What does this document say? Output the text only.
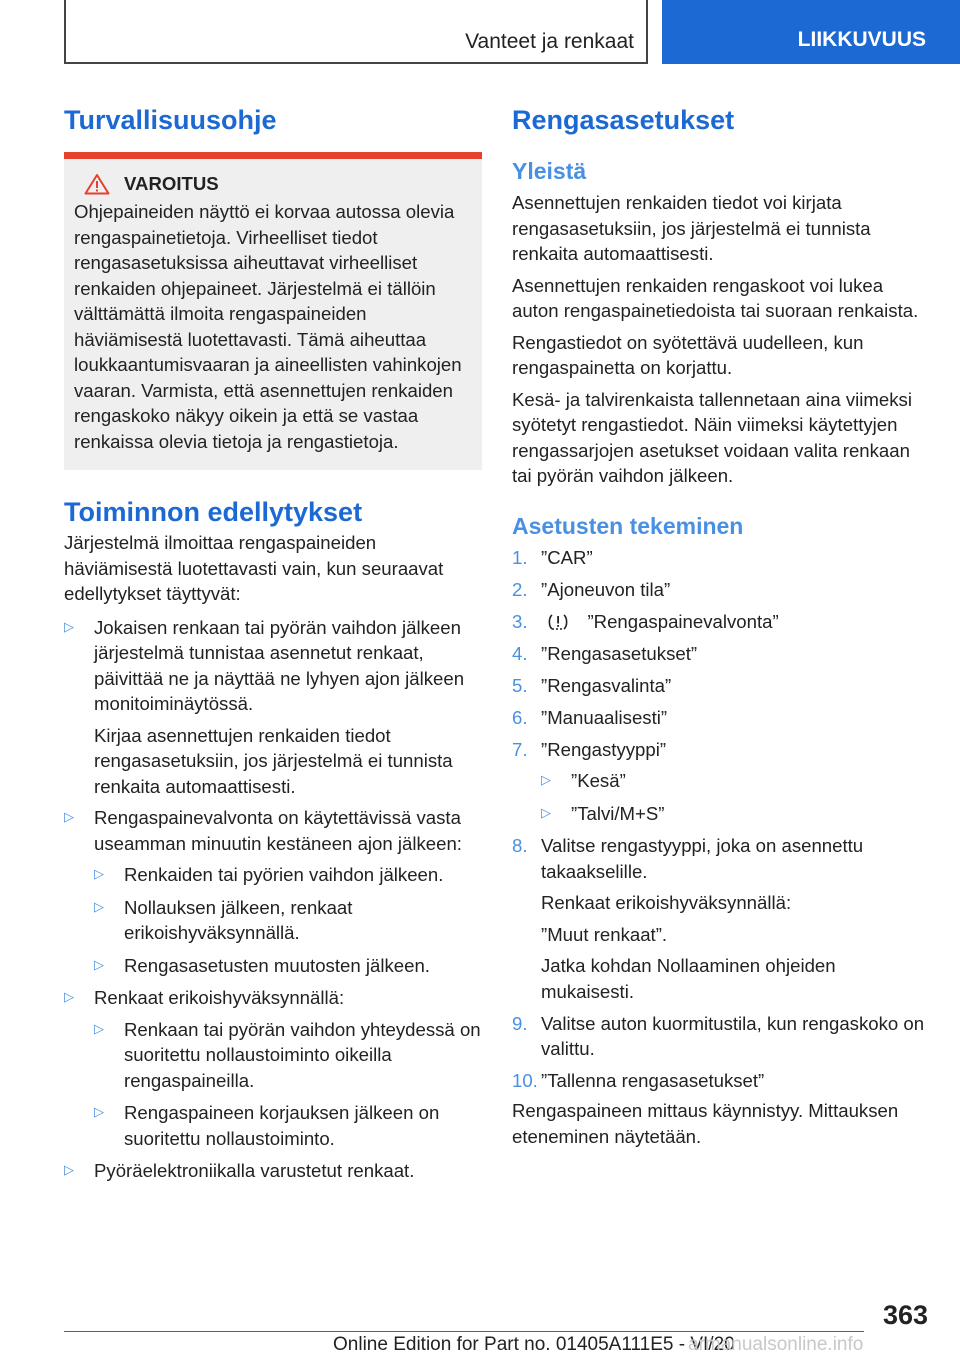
Vanteet ja renkaat	LIIKKUVUUS
Turvallisuusohje
VAROITUS
Ohjepaineiden näyttö ei korvaa autossa olevia rengaspainetietoja. Virheelliset tiedot rengasasetuksissa aiheuttavat virheelliset renkaiden ohjepaineet. Järjestelmä ei tällöin välttämättä ilmoita rengaspaineiden häviämisestä luotettavasti. Tämä aiheuttaa loukkaantumisvaaran ja aineellisten vahinkojen vaaran. Varmista, että asennettujen renkaiden rengaskoko näkyy oikein ja että se vastaa renkaissa olevia tietoja ja rengastietoja.
Toiminnon edellytykset

Järjestelmä ilmoittaa rengaspaineiden häviämisestä luotettavasti vain, kun seuraavat edellytykset täyttyvät:

▷ Jokaisen renkaan tai pyörän vaihdon jälkeen järjestelmä tunnistaa asennetut renkaat, päivittää ne ja näyttää ne lyhyen ajon jälkeen monitoiminäytössä.
Kirjaa asennettujen renkaiden tiedot rengasasetuksiin, jos järjestelmä ei tunnista renkaita automaattisesti.
▷ Rengaspainevalvonta on käytettävissä vasta useamman minuutin kestäneen ajon jälkeen:
▷ Renkaiden tai pyörien vaihdon jälkeen.
▷ Nollauksen jälkeen, renkaat erikoishyväksynnällä.
▷ Rengasasetusten muutosten jälkeen.
▷ Renkaat erikoishyväksynnällä:
▷ Renkaan tai pyörän vaihdon yhteydessä on suoritettu nollaustoiminto oikeilla rengaspaineilla.
▷ Rengaspaineen korjauksen jälkeen on suoritettu nollaustoiminto.
▷ Pyöräelektroniikalla varustetut renkaat.
Rengasasetukset
Yleistä

Asennettujen renkaiden tiedot voi kirjata rengasasetuksiin, jos järjestelmä ei tunnista renkaita automaattisesti.

Asennettujen renkaiden rengaskoot voi lukea auton rengaspainetiedoista tai suoraan renkaista.

Rengastiedot on syötettävä uudelleen, kun rengaspainetta on korjattu.

Kesä- ja talvirenkaista tallennetaan aina viimeksi syötetyt rengastiedot. Näin viimeksi käytettyjen rengassarjojen asetukset voidaan valita renkaan tai pyörän vaihdon jälkeen.

Asetusten tekeminen
1. ”CAR”
2. ”Ajoneuvon tila”
3.	”Rengaspainevalvonta”
4. ”Rengasasetukset”
5. ”Rengasvalinta”
6. ”Manuaalisesti”
7. ”Rengastyyppi”
▷ ”Kesä”
▷ ”Talvi/M+S”
8. Valitse rengastyyppi, joka on asennettu takaakselille.
Renkaat erikoishyväksynnällä:
”Muut renkaat”.
Jatka kohdan Nollaaminen ohjeiden mukaisesti.
9. Valitse auton kuormitustila, kun rengaskoko on valittu.
10. ”Tallenna rengasasetukset”

Rengaspaineen mittaus käynnistyy. Mittauksen eteneminen näytetään.

363
Online Edition for Part no. 01405A111E5 - VI/20
armanualsonline.info
